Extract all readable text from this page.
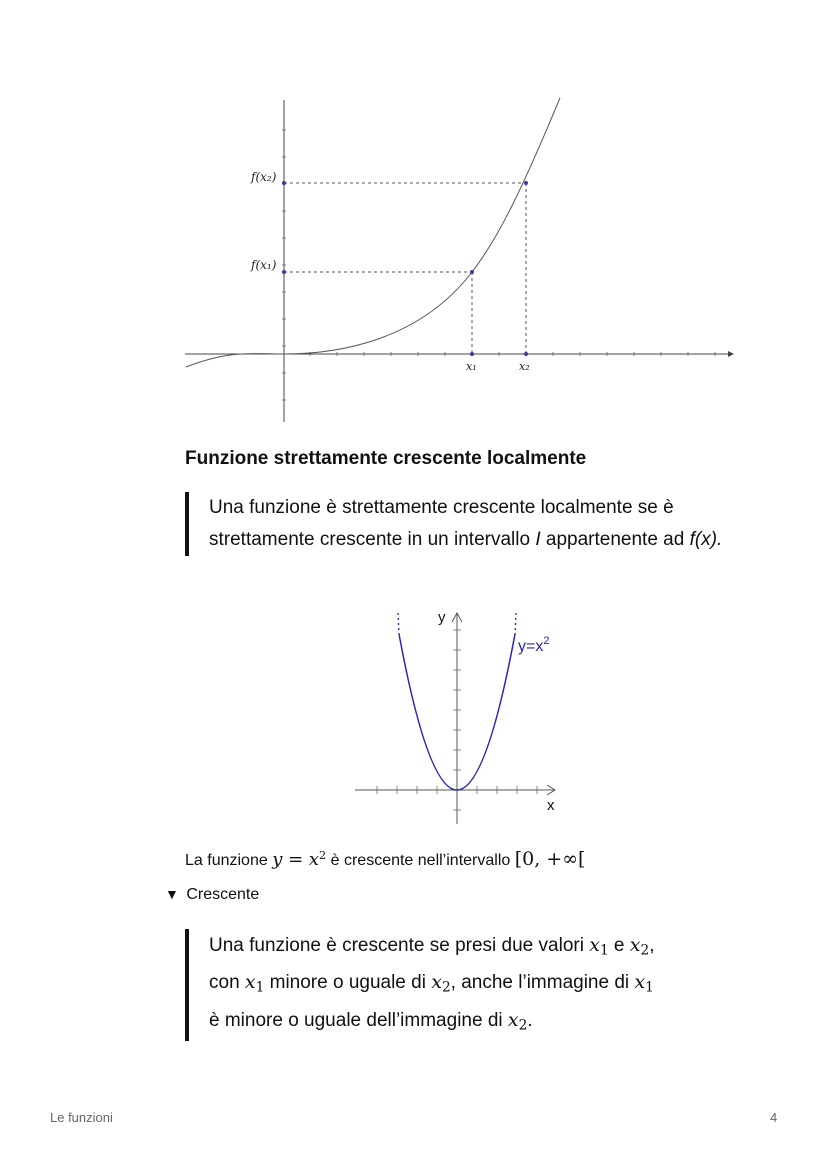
f(x₂)
f(x₁)
x₁	x₂
Funzione strettamente crescente localmente
Una funzione è strettamente crescente localmente se è strettamente crescente in un intervallo I appartenente ad f(x).
y
x
$y=x^2$
La funzione $y = x^2$ è crescente nell’intervallo [0, +∞[
▼ Crescente
Una funzione è crescente se presi due valori $x_1$ e $x_2$,
con $x_1$ minore o uguale di $x_2$, anche l’immagine di $x_1$
è minore o uguale dell’immagine di $x_2$.
Le funzioni	4
